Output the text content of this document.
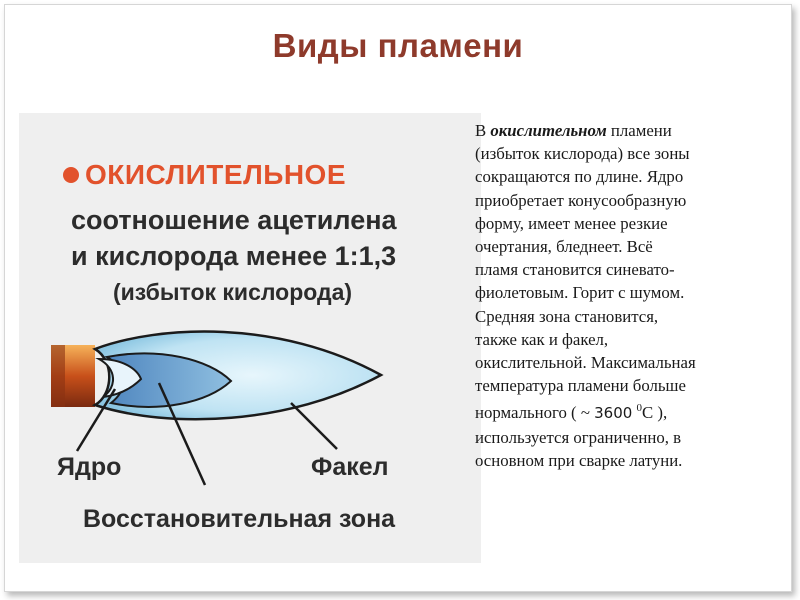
Виды пламени
ОКИСЛИТЕЛЬНОЕ
соотношение ацетилена
и кислорода менее 1:1,3
(избыток кислорода)
Ядро	Факел
Восстановительная зона
В окислительном пламени
(избыток кислорода) все зоны
сокращаются по длине. Ядро
приобретает конусообразную
форму, имеет менее резкие
очертания, бледнеет. Всё
пламя становится синевато-
фиолетовым. Горит с шумом.
Средняя зона становится,
также как и факел,
окислительной. Максимальная
температура пламени больше
нормального ( ~ 3600 $^0$С ),
используется ограниченно, в
основном при сварке латуни.
